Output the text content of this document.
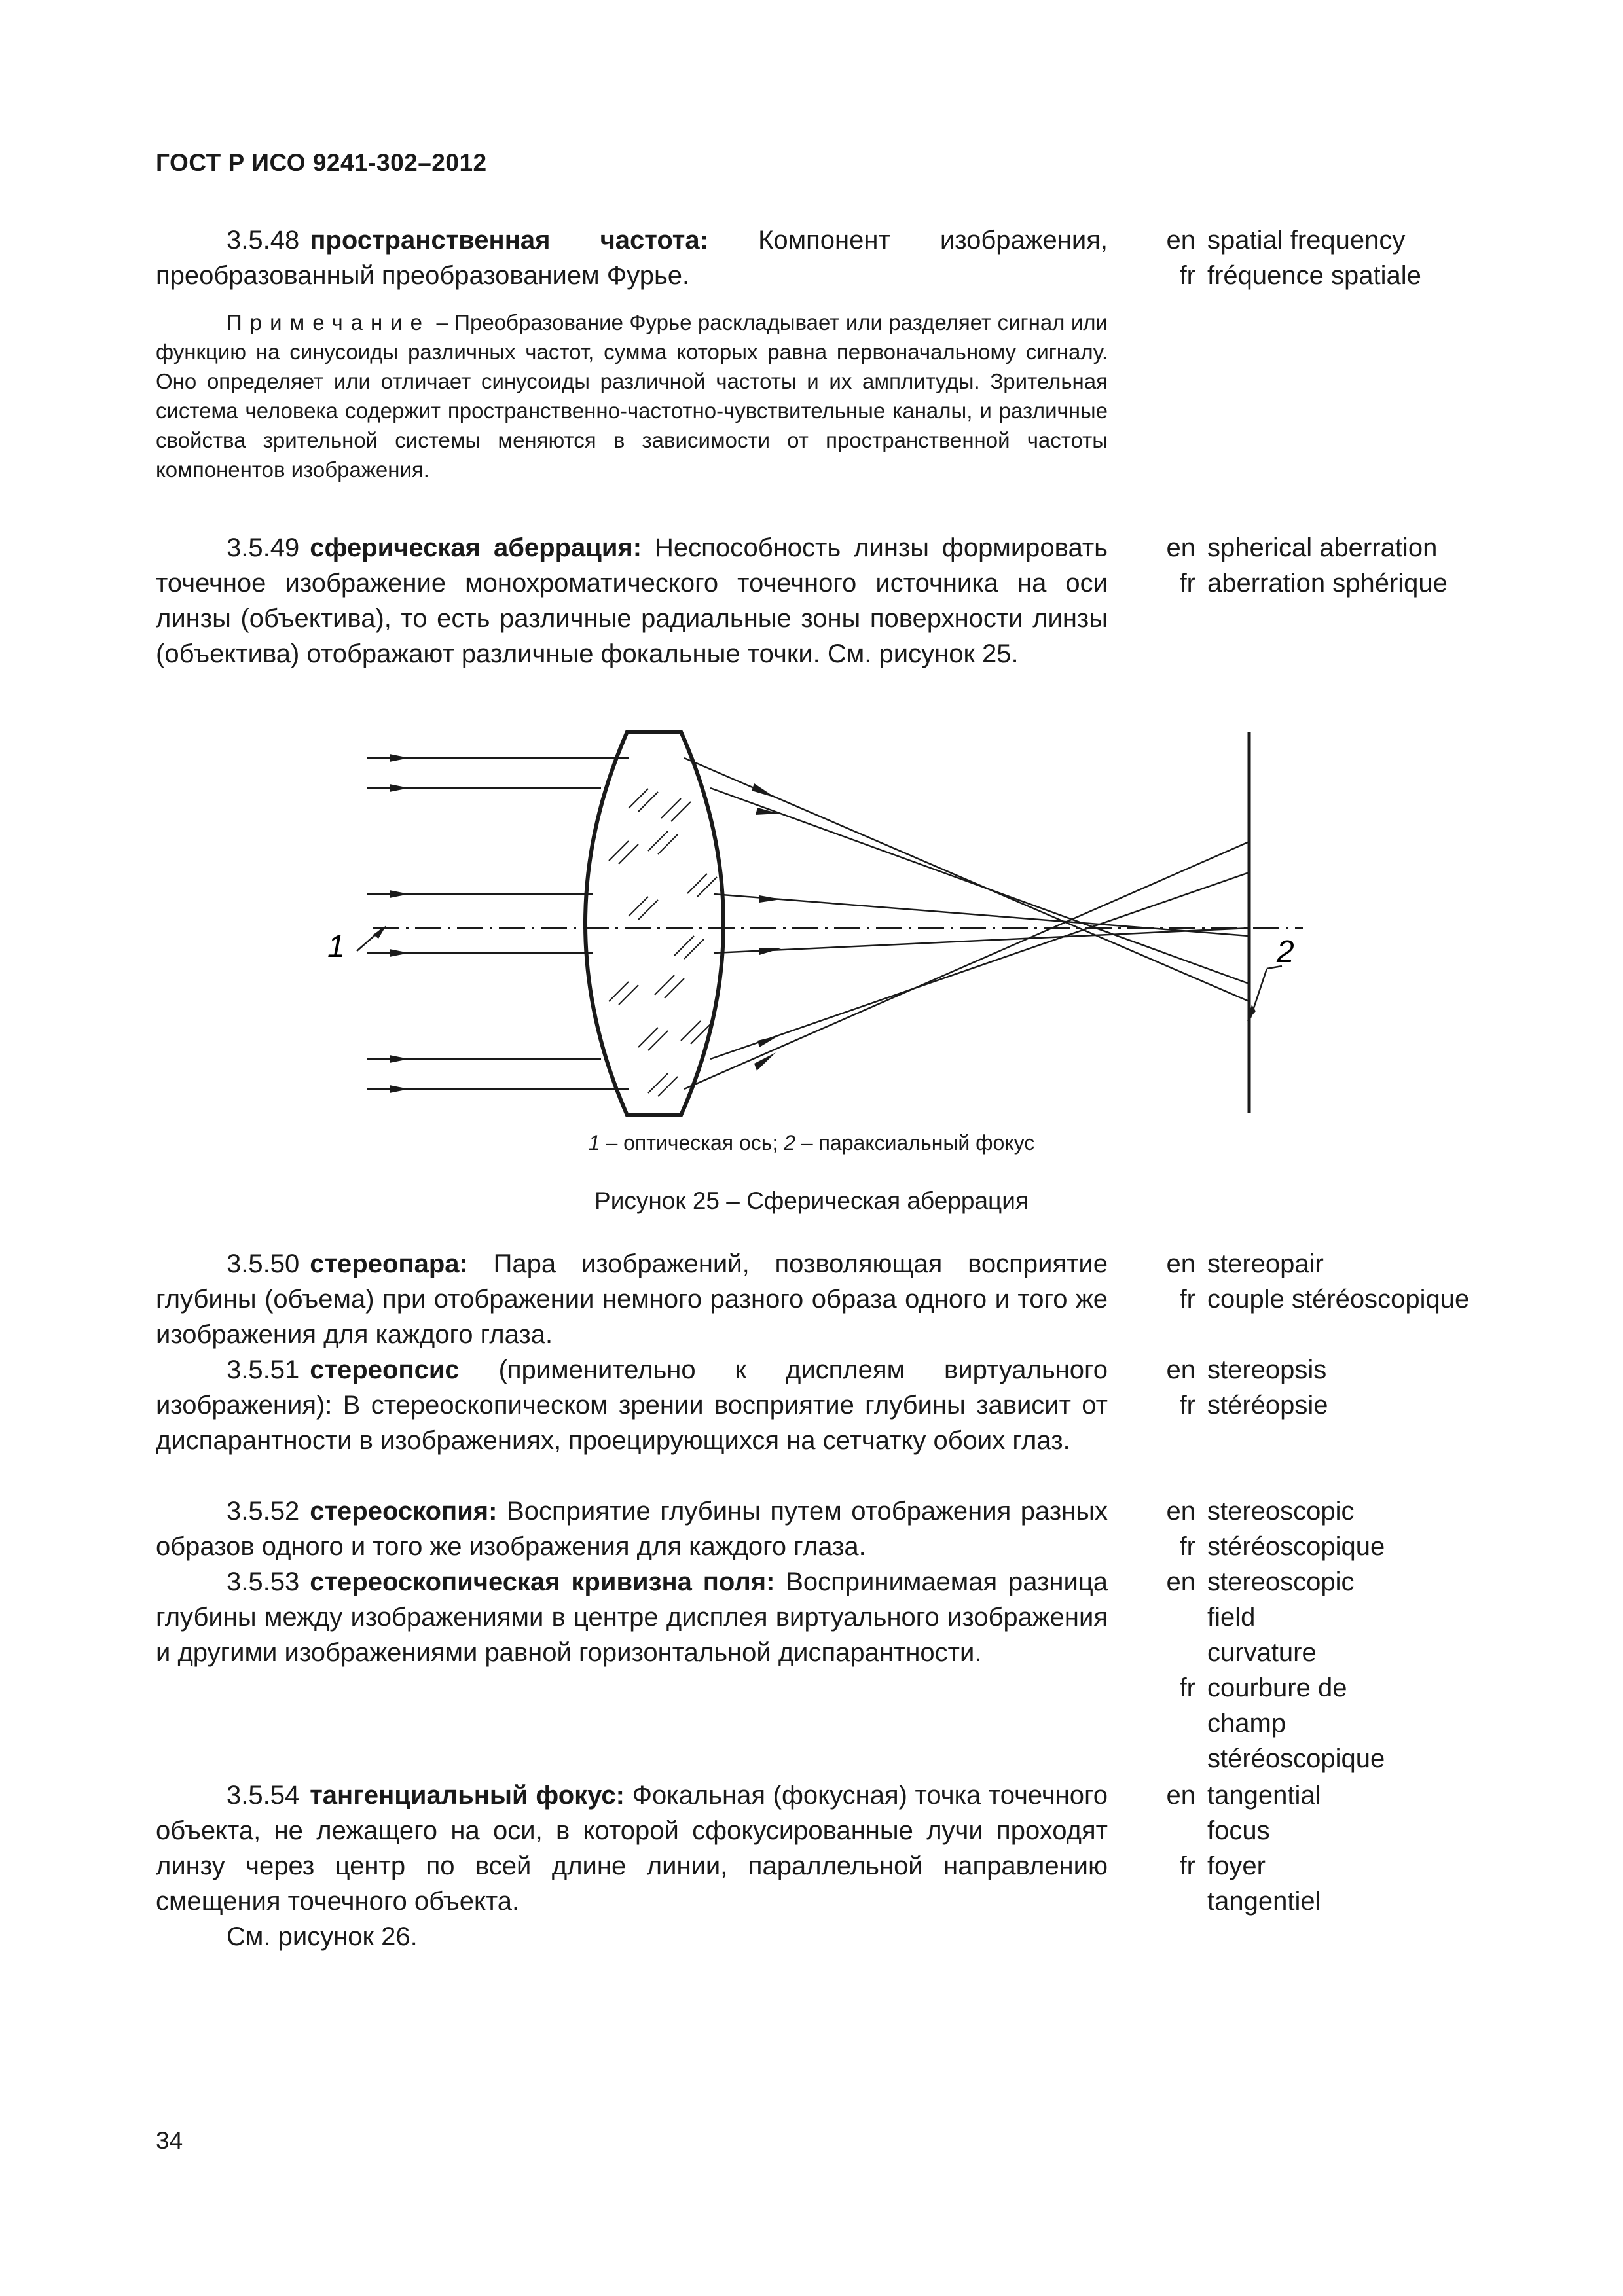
ГОСТ Р ИСО 9241-302–2012

3.5.48 пространственная частота: Компонент изображения, преобразованный преобразованием Фурье.

en spatial frequency
fr fréquence spatiale
Примечание – Преобразование Фурье раскладывает или разделяет сигнал или функцию на синусоиды различных частот, сумма которых равна первоначальному сигналу. Оно определяет или отличает синусоиды различной частоты и их амплитуды. Зрительная система человека содержит пространственно-частотно-чувствительные каналы, и различные свойства зрительной системы меняются в зависимости от пространственной частоты компонентов изображения.

3.5.49 сферическая аберрация: Неспособность линзы формировать точечное изображение монохроматического точечного источника на оси линзы (объектива), то есть различные радиальные зоны поверхности линзы (объектива) отображают различные фокальные точки. См. рисунок 25.

en spherical aberration
fr aberration sphérique
1	2
1 – оптическая ось; 2 – параксиальный фокус
Рисунок 25 – Сферическая аберрация

3.5.50 стереопара: Пара изображений, позволяющая восприятие глубины (объема) при отображении немного разного образа одного и того же изображения для каждого глаза.

en stereopair
fr couple stéréoscopique

3.5.51 стереопсис (применительно к дисплеям виртуального изображения): В стереоскопическом зрении восприятие глубины зависит от диспарантности в изображениях, проецирующихся на сетчатку обоих глаз.

en stereopsis
fr stéréopsie

3.5.52 стереоскопия: Восприятие глубины путем отображения разных образов одного и того же изображения для каждого глаза.

en stereoscopic
fr stéréoscopique

3.5.53 стереоскопическая кривизна поля: Воспринимаемая разница глубины между изображениями в центре дисплея виртуального изображения и другими изображениями равной горизонтальной диспарантности.

en stereoscopic field curvature
fr courbure de champ stéréoscopique

3.5.54 тангенциальный фокус: Фокальная (фокусная) точка точечного объекта, не лежащего на оси, в которой сфокусированные лучи проходят линзу через центр по всей длине линии, параллельной направлению смещения точечного объекта.

См. рисунок 26.

en tangential focus
fr foyer tangentiel
34
